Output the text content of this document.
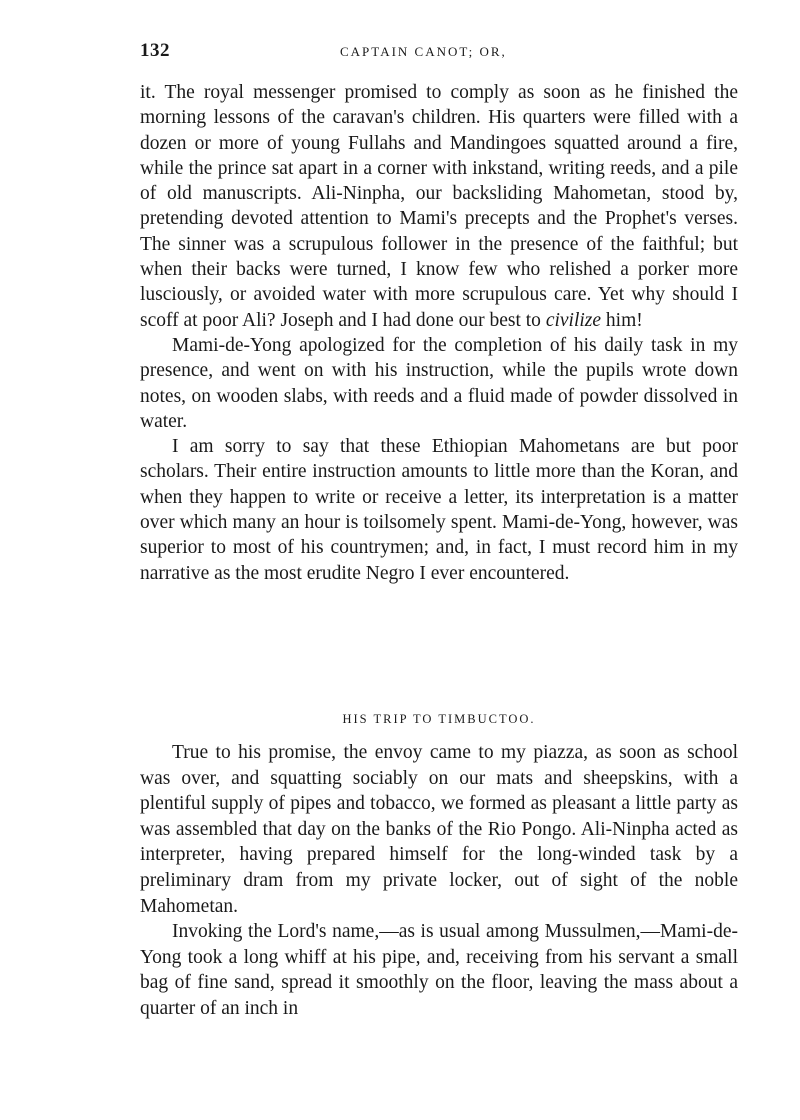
132	CAPTAIN CANOT; OR,

it. The royal messenger promised to comply as soon as he finished the morning lessons of the caravan's children. His quarters were filled with a dozen or more of young Fullahs and Mandingoes squatted around a fire, while the prince sat apart in a corner with inkstand, writing reeds, and a pile of old manuscripts. Ali-Ninpha, our backsliding Mahometan, stood by, pretending devoted attention to Mami's precepts and the Prophet's verses. The sinner was a scrupulous follower in the presence of the faithful; but when their backs were turned, I know few who relished a porker more lusciously, or avoided water with more scrupulous care. Yet why should I scoff at poor Ali? Joseph and I had done our best to civilize him!

Mami-de-Yong apologized for the completion of his daily task in my presence, and went on with his instruction, while the pupils wrote down notes, on wooden slabs, with reeds and a fluid made of powder dissolved in water.

I am sorry to say that these Ethiopian Mahometans are but poor scholars. Their entire instruction amounts to little more than the Koran, and when they happen to write or receive a letter, its interpretation is a matter over which many an hour is toilsomely spent. Mami-de-Yong, however, was superior to most of his countrymen; and, in fact, I must record him in my narrative as the most erudite Negro I ever encountered.

HIS TRIP TO TIMBUCTOO.

True to his promise, the envoy came to my piazza, as soon as school was over, and squatting sociably on our mats and sheepskins, with a plentiful supply of pipes and tobacco, we formed as pleasant a little party as was assembled that day on the banks of the Rio Pongo. Ali-Ninpha acted as interpreter, having prepared himself for the long-winded task by a preliminary dram from my private locker, out of sight of the noble Mahometan.

Invoking the Lord's name,—as is usual among Mussulmen,—Mami-de-Yong took a long whiff at his pipe, and, receiving from his servant a small bag of fine sand, spread it smoothly on the floor, leaving the mass about a quarter of an inch in
